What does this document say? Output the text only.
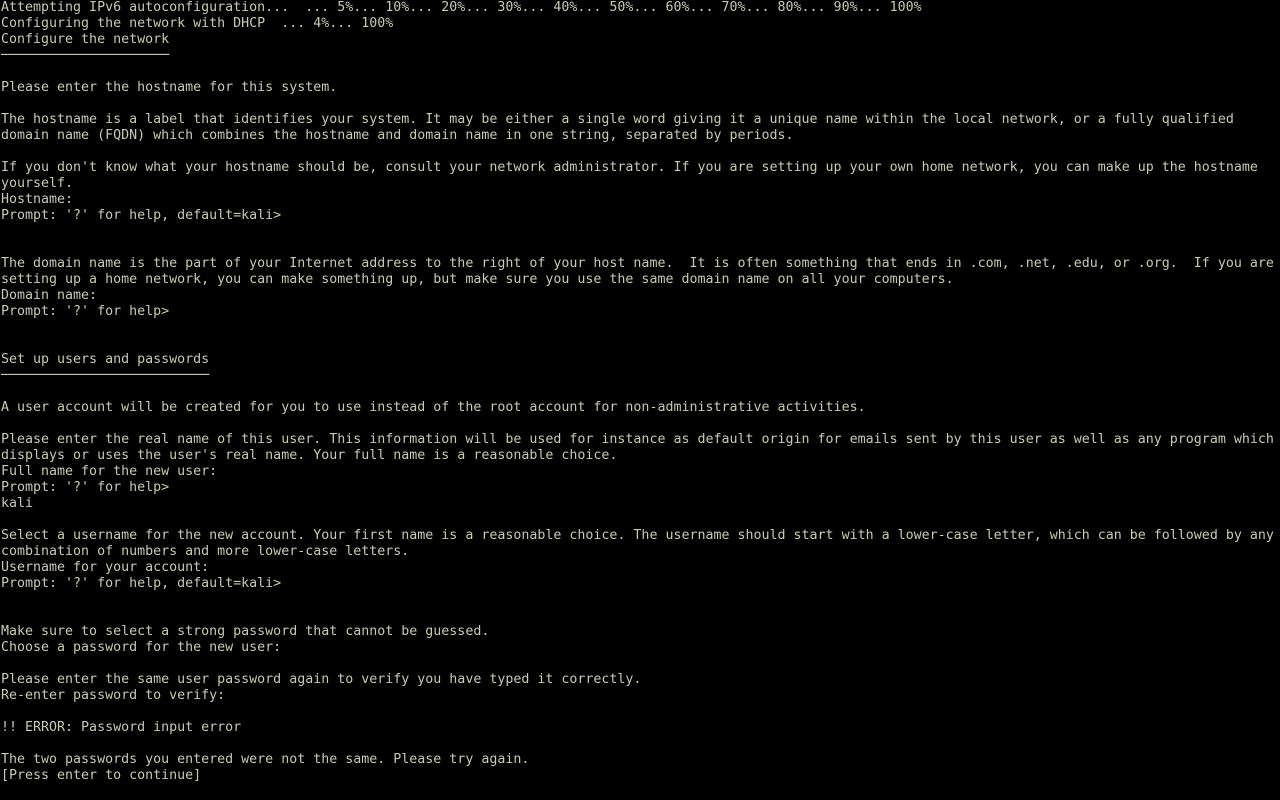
Attempting IPv6 autoconfiguration...  ... 5%... 10%... 20%... 30%... 40%... 50%... 60%... 70%... 80%... 90%... 100%
Configuring the network with DHCP  ... 4%... 100%
Configure the network
─────────────────────

Please enter the hostname for this system.

The hostname is a label that identifies your system. It may be either a single word giving it a unique name within the local network, or a fully qualified
domain name (FQDN) which combines the hostname and domain name in one string, separated by periods.

If you don't know what your hostname should be, consult your network administrator. If you are setting up your own home network, you can make up the hostname
yourself.
Hostname:
Prompt: '?' for help, default=kali>

The domain name is the part of your Internet address to the right of your host name.  It is often something that ends in .com, .net, .edu, or .org.  If you are
setting up a home network, you can make something up, but make sure you use the same domain name on all your computers.
Domain name:
Prompt: '?' for help>

Set up users and passwords
──────────────────────────

A user account will be created for you to use instead of the root account for non-administrative activities.

Please enter the real name of this user. This information will be used for instance as default origin for emails sent by this user as well as any program which
displays or uses the user's real name. Your full name is a reasonable choice.
Full name for the new user:
Prompt: '?' for help>
kali

Select a username for the new account. Your first name is a reasonable choice. The username should start with a lower-case letter, which can be followed by any
combination of numbers and more lower-case letters.
Username for your account:
Prompt: '?' for help, default=kali>

Make sure to select a strong password that cannot be guessed.
Choose a password for the new user:

Please enter the same user password again to verify you have typed it correctly.
Re-enter password to verify:

!! ERROR: Password input error

The two passwords you entered were not the same. Please try again.
[Press enter to continue]
